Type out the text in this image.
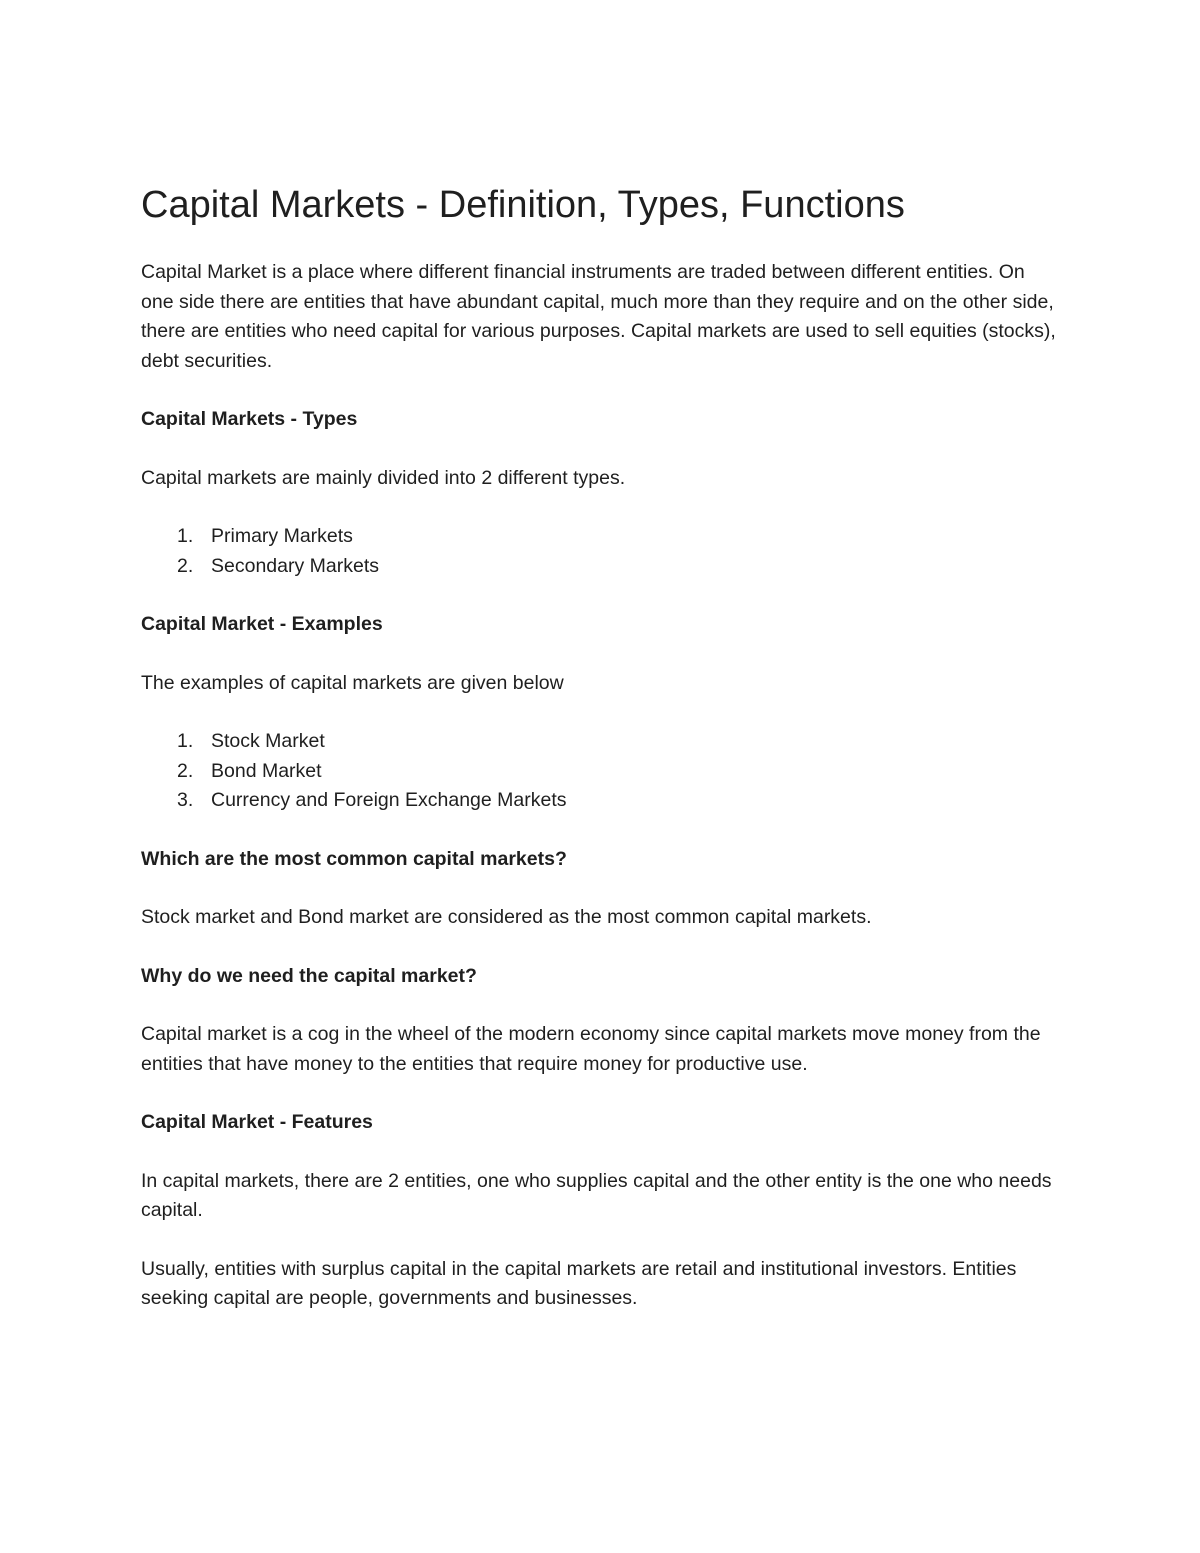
Capital Markets - Definition, Types, Functions

Capital Market is a place where different financial instruments are traded between different entities. On one side there are entities that have abundant capital, much more than they require and on the other side, there are entities who need capital for various purposes. Capital markets are used to sell equities (stocks), debt securities.

Capital Markets - Types

Capital markets are mainly divided into 2 different types.

1. Primary Markets
2. Secondary Markets

Capital Market - Examples

The examples of capital markets are given below

1. Stock Market
2. Bond Market
3. Currency and Foreign Exchange Markets

Which are the most common capital markets?

Stock market and Bond market are considered as the most common capital markets.

Why do we need the capital market?

Capital market is a cog in the wheel of the modern economy since capital markets move money from the entities that have money to the entities that require money for productive use.

Capital Market - Features

In capital markets, there are 2 entities, one who supplies capital and the other entity is the one who needs capital.

Usually, entities with surplus capital in the capital markets are retail and institutional investors. Entities seeking capital are people, governments and businesses.
